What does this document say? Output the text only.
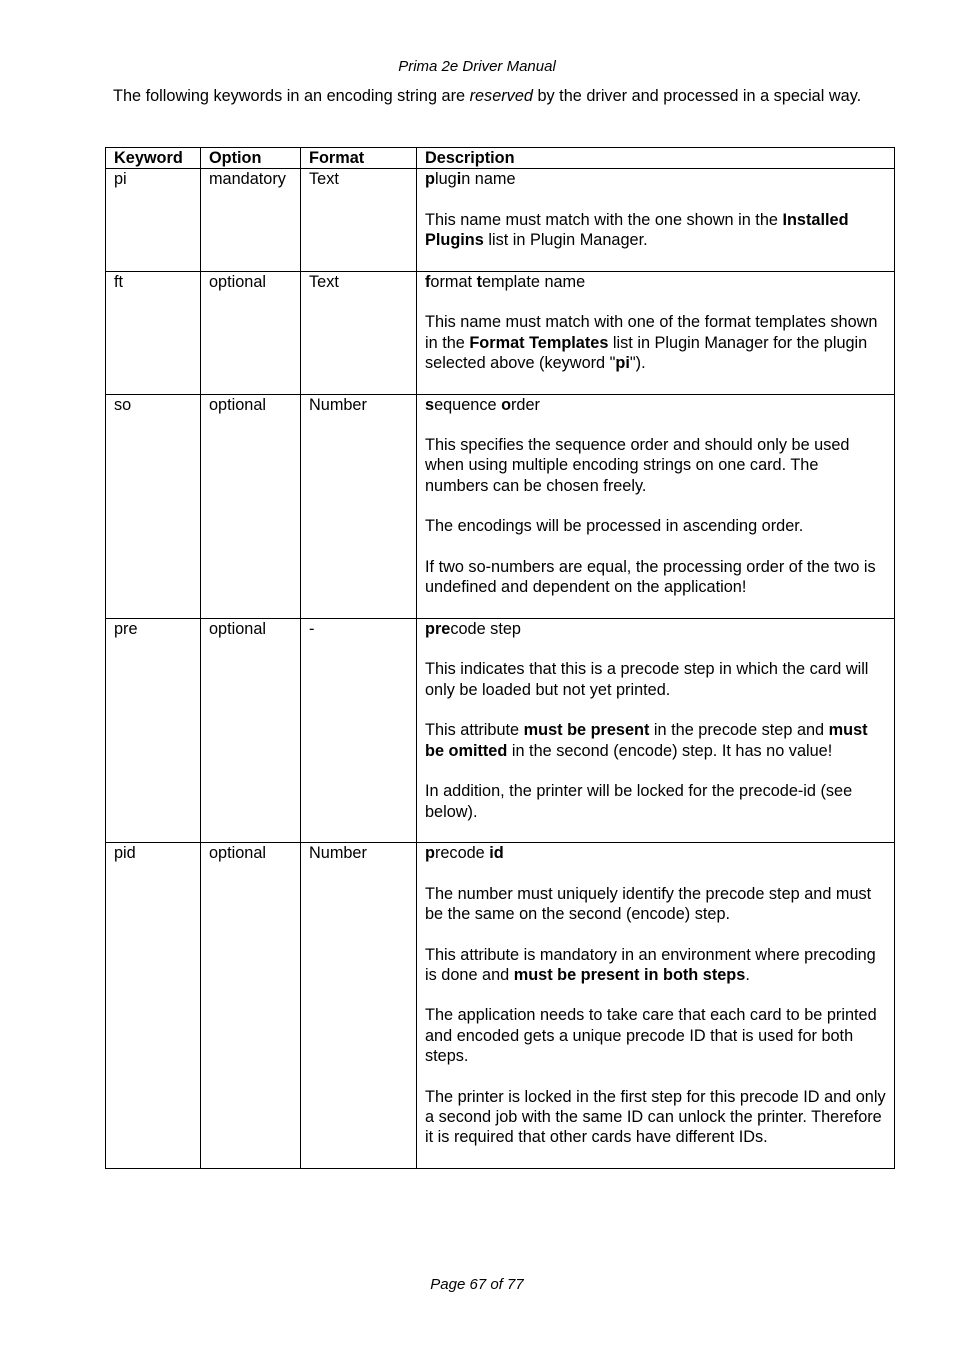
Prima 2e Driver Manual
The following keywords in an encoding string are reserved by the driver and processed in a special way.
Keyword	Option	Format	Description
pi	mandatory	Text	plugin name

This name must match with the one shown in the Installed Plugins list in Plugin Manager.

ft	optional	Text	format template name

This name must match with one of the format templates shown in the Format Templates list in Plugin Manager for the plugin selected above (keyword "pi").

so	optional	Number	sequence order

This specifies the sequence order and should only be used when using multiple encoding strings on one card. The numbers can be chosen freely.

The encodings will be processed in ascending order.

If two so-numbers are equal, the processing order of the two is undefined and dependent on the application!

pre	optional	-	precode step

This indicates that this is a precode step in which the card will only be loaded but not yet printed.

This attribute must be present in the precode step and must be omitted in the second (encode) step. It has no value!

In addition, the printer will be locked for the precode-id (see below).

pid	optional	Number	precode id

The number must uniquely identify the precode step and must be the same on the second (encode) step.

This attribute is mandatory in an environment where precoding is done and must be present in both steps.

The application needs to take care that each card to be printed and encoded gets a unique precode ID that is used for both steps.

The printer is locked in the first step for this precode ID and only a second job with the same ID can unlock the printer. Therefore it is required that other cards have different IDs.

Page 67 of 77
